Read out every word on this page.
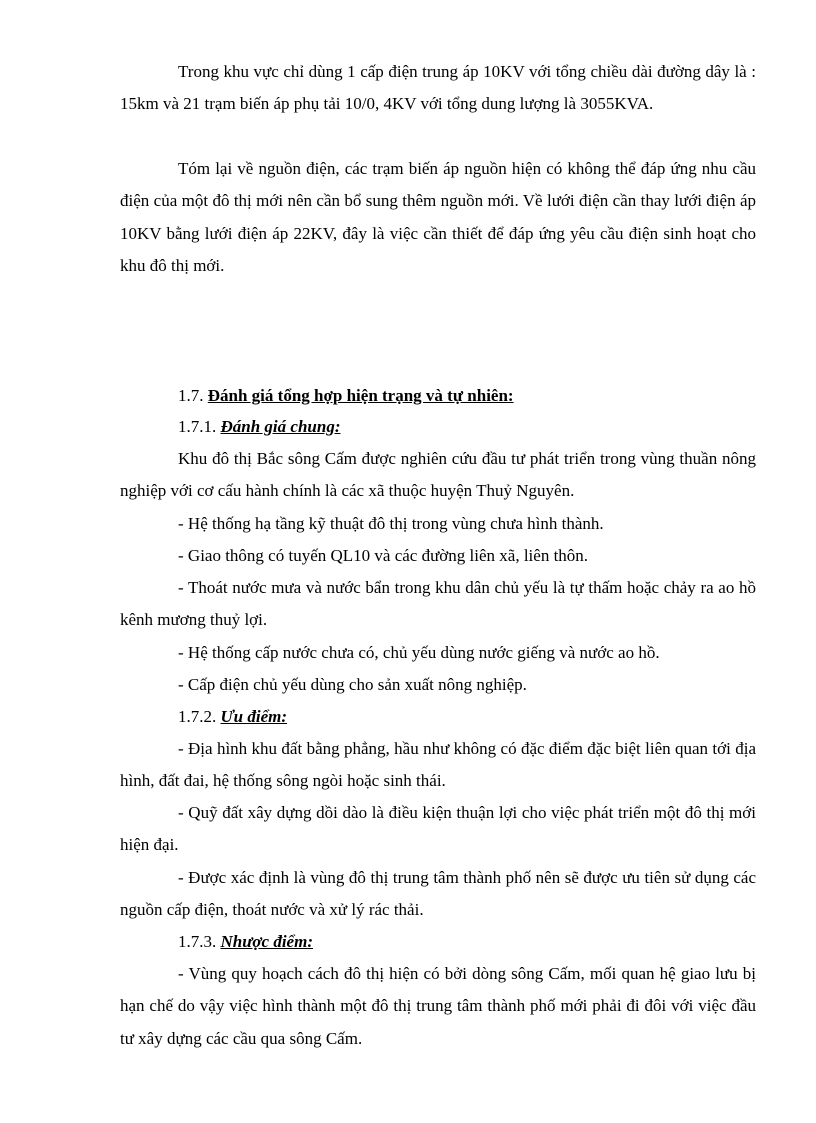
Trong khu vực chỉ dùng 1 cấp điện trung áp 10KV với tổng chiều dài đường dây là : 15km và 21 trạm biến áp phụ tải 10/0, 4KV với tổng dung lượng là 3055KVA.

Tóm lại về nguồn điện, các trạm biến áp nguồn hiện có không thể đáp ứng nhu cầu điện của một đô thị mới nên cần bổ sung thêm nguồn mới. Về lưới điện cần thay lưới điện áp 10KV bằng lưới điện áp 22KV, đây là việc cần thiết để đáp ứng yêu cầu điện sinh hoạt cho khu đô thị mới.

1.7. Đánh giá tổng hợp hiện trạng và tự nhiên:

1.7.1. Đánh giá chung:

Khu đô thị Bắc sông Cấm được nghiên cứu đầu tư phát triển trong vùng thuần nông nghiệp với cơ cấu hành chính là các xã thuộc huyện Thuỷ Nguyên.

- Hệ thống hạ tầng kỹ thuật đô thị trong vùng chưa hình thành.

- Giao thông có tuyến QL10 và các đường liên xã, liên thôn.

- Thoát nước mưa và nước bẩn trong khu dân chủ yếu là tự thấm hoặc chảy ra ao hồ kênh mương thuỷ lợi.

- Hệ thống cấp nước chưa có, chủ yếu dùng nước giếng và nước ao hồ.

- Cấp điện chủ yếu dùng cho sản xuất nông nghiệp.

1.7.2. Ưu điểm:

- Địa hình khu đất bằng phẳng, hầu như không có đặc điểm đặc biệt liên quan tới địa hình, đất đai, hệ thống sông ngòi hoặc sinh thái.

- Quỹ đất xây dựng dồi dào là điều kiện thuận lợi cho việc phát triển một đô thị mới hiện đại.

- Được xác định là vùng đô thị trung tâm thành phố nên sẽ được ưu tiên sử dụng các nguồn cấp điện, thoát nước và xử lý rác thải.

1.7.3. Nhược điểm:

- Vùng quy hoạch cách đô thị hiện có bởi dòng sông Cấm, mối quan hệ giao lưu bị hạn chế do vậy việc hình thành một đô thị trung tâm thành phố mới phải đi đôi với việc đầu tư xây dựng các cầu qua sông Cấm.
